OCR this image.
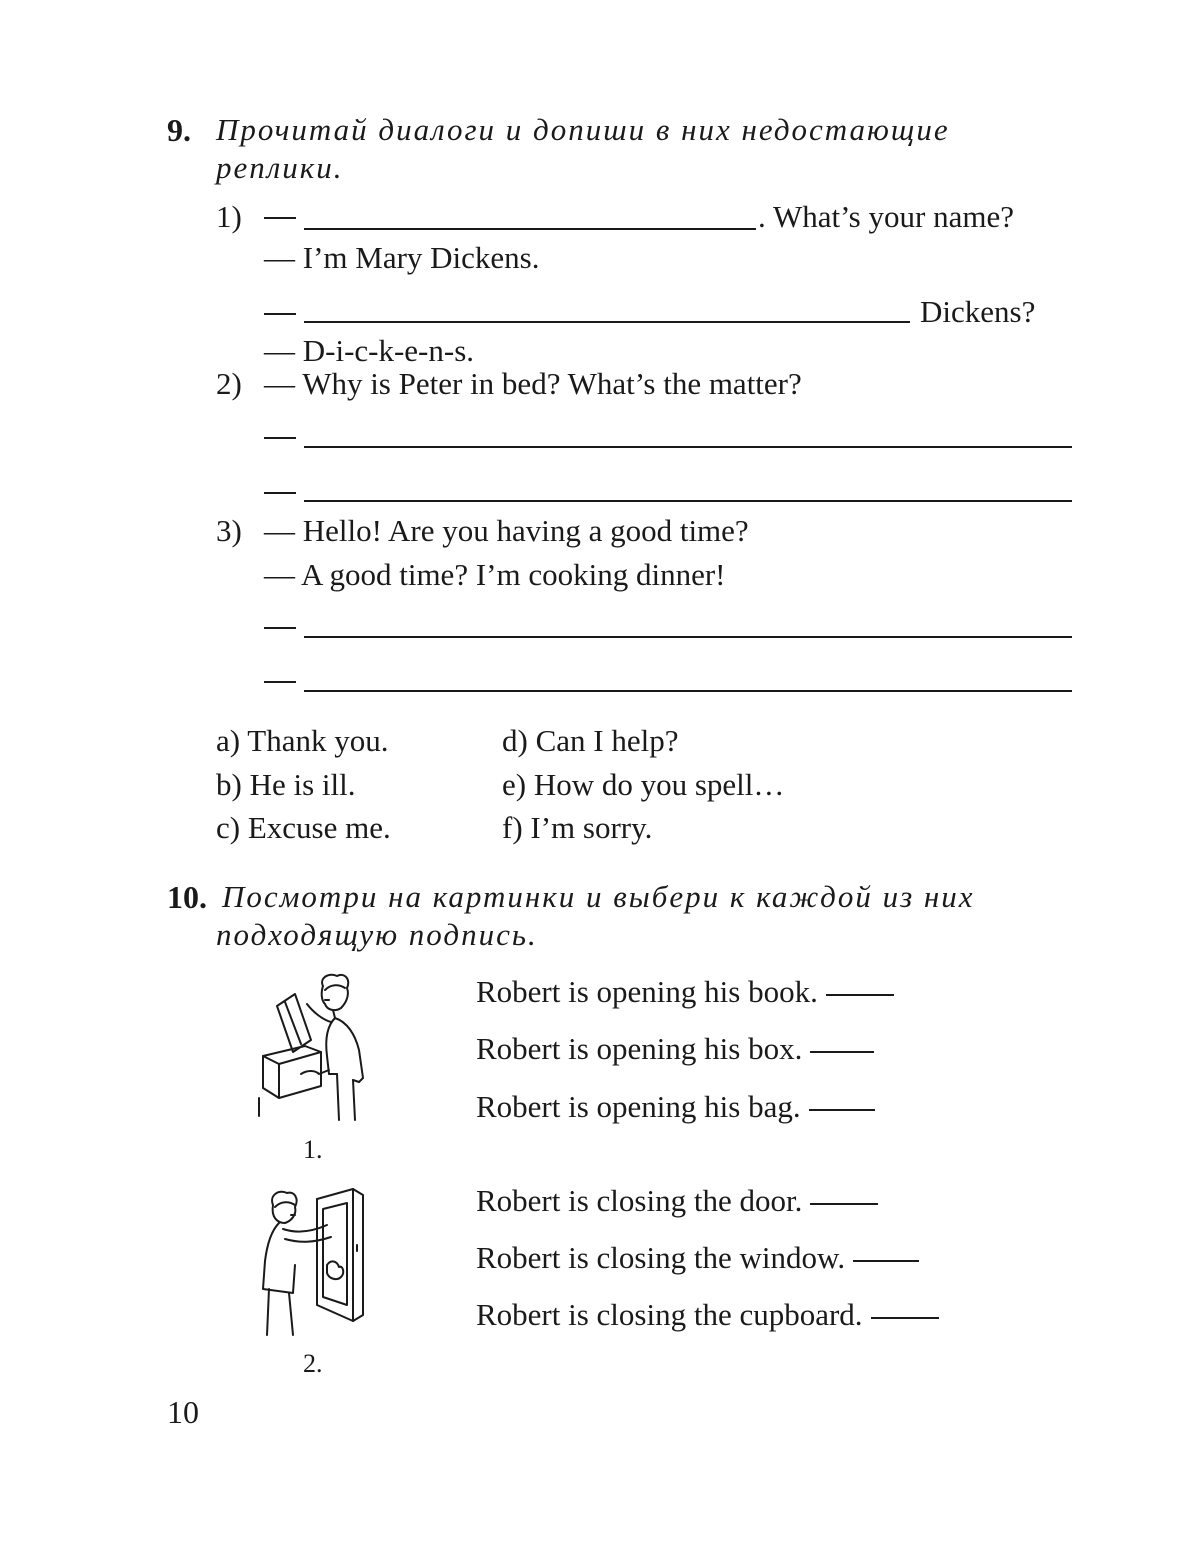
9. Прочитай диалоги и допиши в них недостающие
реплики.
1)	. What’s your name?
— I’m Mary Dickens.
Dickens?
— D-i-c-k-e-n-s.
2) — Why is Peter in bed? What’s the matter?
3) — Hello! Are you having a good time?
— A good time? I’m cooking dinner!
a) Thank you.
b) He is ill.
c) Excuse me.
d) Can I help?
e) How do you spell…
f) I’m sorry.
10. Посмотри на картинки и выбери к каждой из них
подходящую подпись.
1.
Robert is opening his book.
Robert is opening his box.
Robert is opening his bag.
2.
Robert is closing the door.
Robert is closing the window.
Robert is closing the cupboard.
10
